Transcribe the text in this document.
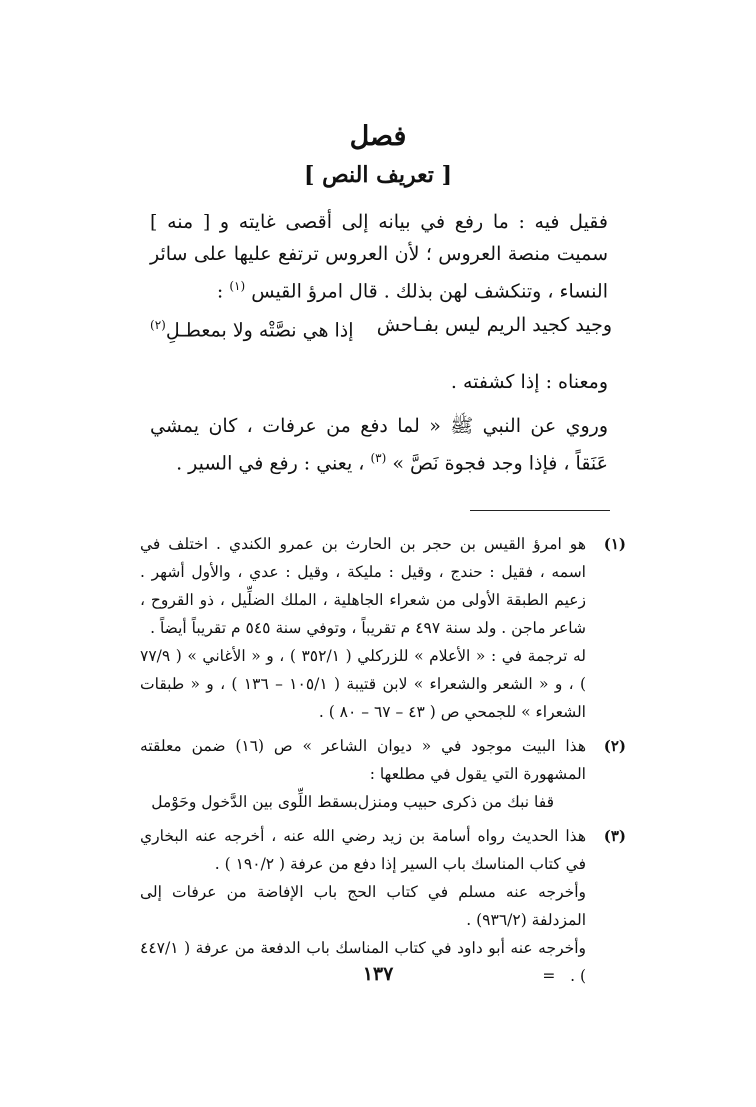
فصل
[ تعريف النص ]
فقيل فيه : ما رفع في بيانه إلى أقصى غايته و [ منه ] سميت منصة العروس ؛ لأن العروس ترتفع عليها على سائر النساء ، وتنكشف لهن بذلك . قال امرؤ القيس $^{(١)}$ :
وجيد كجيد الريم ليس بفـاحش
إذا هي نصَّتْه ولا بمعطـلِ$^{(٢)}$
ومعناه : إذا كشفته .
وروي عن النبي ﷺ « لما دفع من عرفات ، كان يمشي عَنَقاً ، فإذا وجد فجوة نَصَّ » $^{(٣)}$ ، يعني : رفع في السير .
(١)
هو امرؤ القيس بن حجر بن الحارث بن عمرو الكندي . اختلف في اسمه ، فقيل : حندج ، وقيل : مليكة ، وقيل : عدي ، والأول أشهر . زعيم الطبقة الأولى من شعراء الجاهلية ، الملك الضلِّيل ، ذو القروح ، شاعر ماجن . ولد سنة ٤٩٧ م تقريباً ، وتوفي سنة ٥٤٥ م تقريباً أيضاً .
له ترجمة في : « الأعلام » للزركلي ( ٣٥٢/١ ) ، و « الأغاني » ( ٧٧/٩ ) ، و « الشعر والشعراء » لابن قتيبة ( ١٠٥/١ – ١٣٦ ) ، و « طبقات الشعراء » للجمحي ص ( ٤٣ – ٦٧ – ٨٠ ) .
(٢)
هذا البيت موجود في « ديوان الشاعر » ص (١٦) ضمن معلقته المشهورة التي يقول في مطلعها :
قفا نبك من ذكرى حبيب ومنزل
بسقط اللِّوى بين الدَّخول وحَوْمل
(٣)
هذا الحديث رواه أسامة بن زيد رضي الله عنه ، أخرجه عنه البخاري في كتاب المناسك باب السير إذا دفع من عرفة ( ١٩٠/٢ ) .
وأخرجه عنه مسلم في كتاب الحج باب الإفاضة من عرفات إلى المزدلفة (٩٣٦/٢) .
وأخرجه عنه أبو داود في كتاب المناسك باب الدفعة من عرفة ( ٤٤٧/١ ) .   =
١٣٧
